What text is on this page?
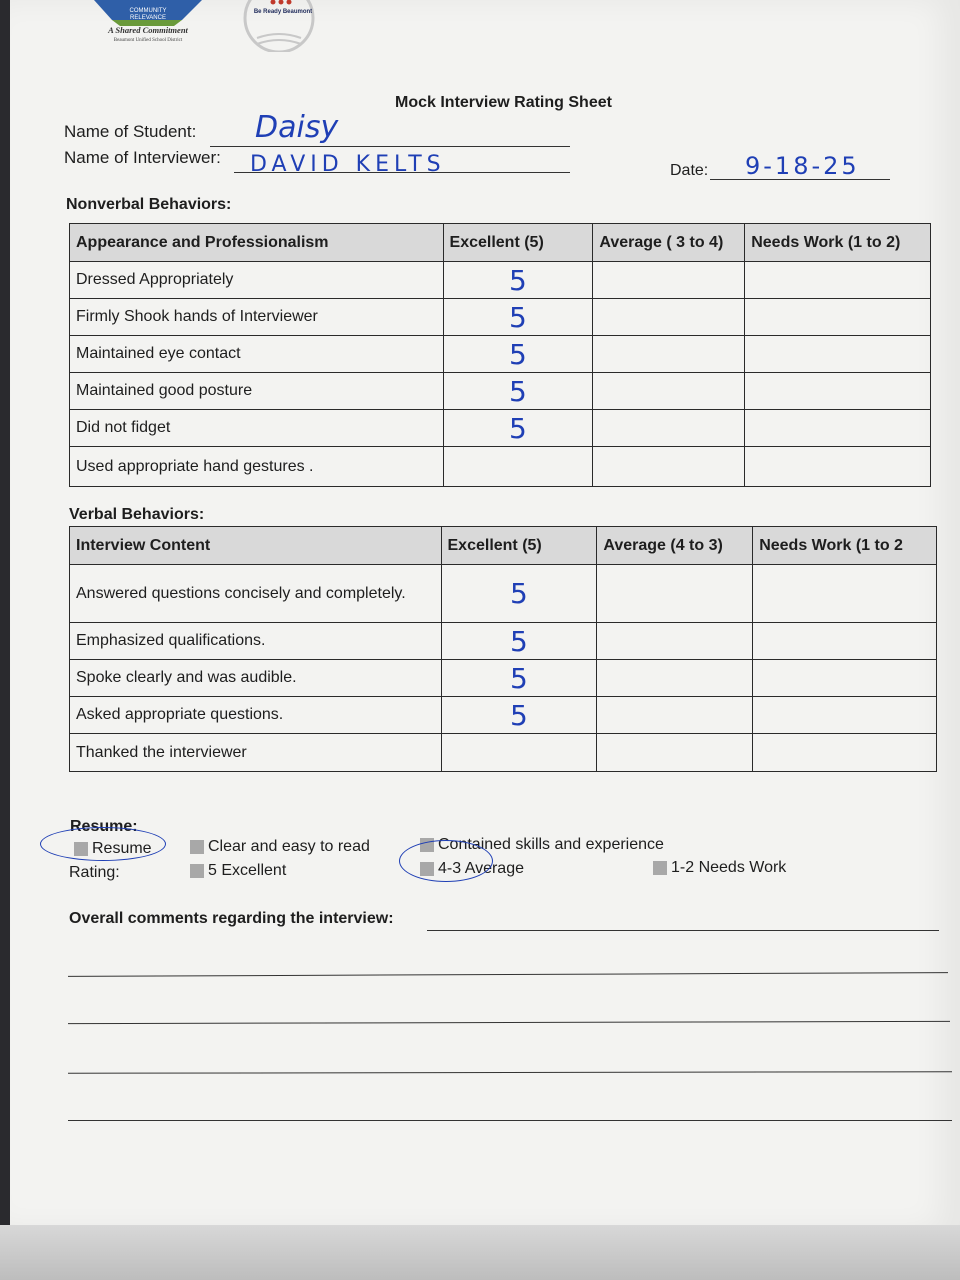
COMMUNITY
RELEVANCE
A Shared Commitment
Beaumont Unified School District
Be Ready Beaumont
Mock Interview Rating Sheet
Name of Student: Daisy
Name of Interviewer: DAVID KELTS	Date: 9-18-25
Nonverbal Behaviors:
Appearance and Professionalism	Excellent (5)	Average ( 3 to 4)	Needs Work (1 to 2)
Dressed Appropriately	5		
Firmly Shook hands of Interviewer	5		
Maintained eye contact	5		
Maintained good posture	5		
Did not fidget	5		
Used appropriate hand gestures .			
Verbal Behaviors:
Interview Content	Excellent (5)	Average (4 to 3)	Needs Work (1 to 2
Answered questions concisely and completely.	5		
Emphasized qualifications.	5		
Spoke clearly and was audible.	5		
Asked appropriate questions.	5		
Thanked the interviewer			
Resume:
Resume
Rating:
Clear and easy to read
5 Excellent
Contained skills and experience
4-3 Average	1-2 Needs Work
Overall comments regarding the interview:
